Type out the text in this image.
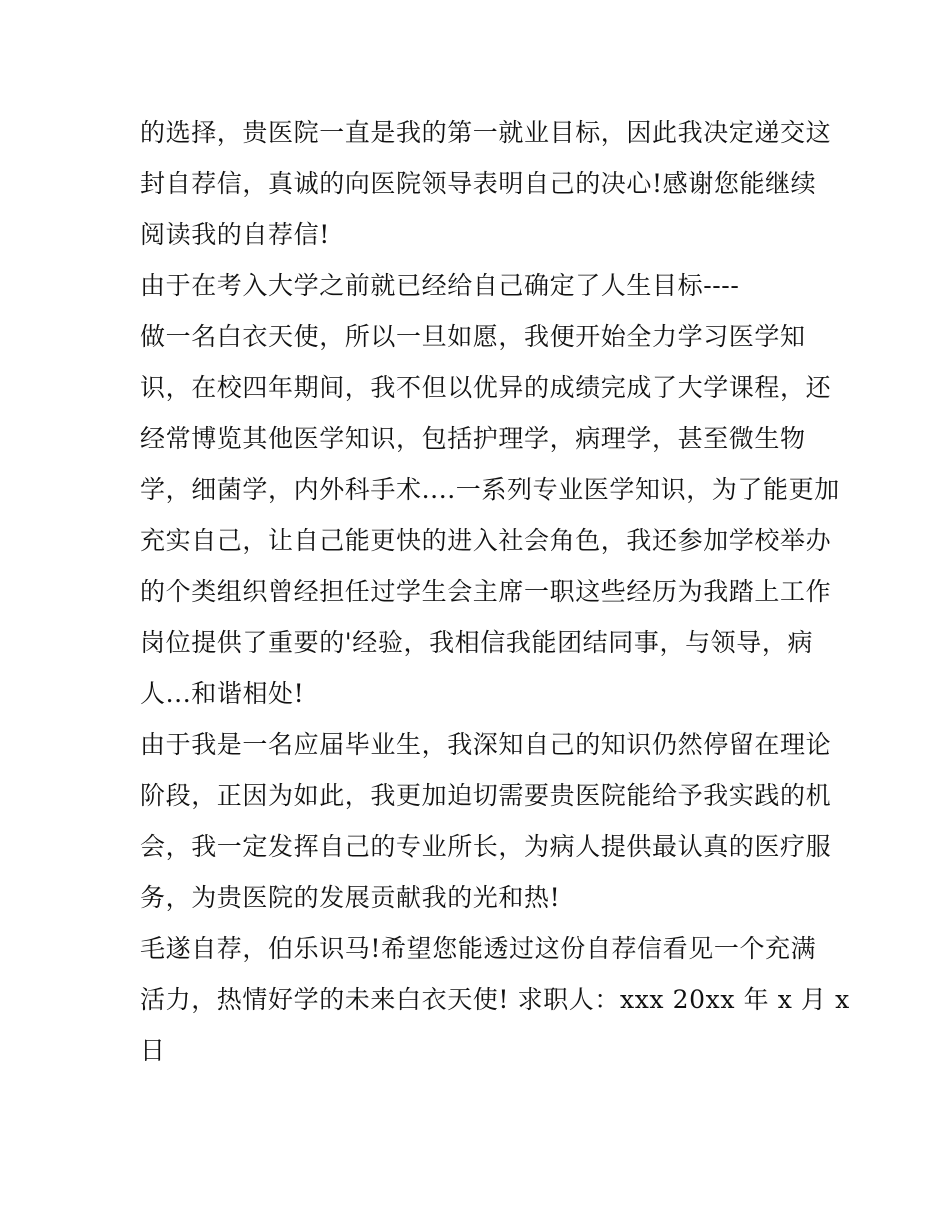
的选择，贵医院一直是我的第一就业目标，因此我决定递交这
封自荐信，真诚的向医院领导表明自己的决心!感谢您能继续
阅读我的自荐信!
由于在考入大学之前就已经给自己确定了人生目标----
做一名白衣天使，所以一旦如愿，我便开始全力学习医学知
识，在校四年期间，我不但以优异的成绩完成了大学课程，还
经常博览其他医学知识，包括护理学，病理学，甚至微生物
学，细菌学，内外科手术....一系列专业医学知识，为了能更加
充实自己，让自己能更快的进入社会角色，我还参加学校举办
的个类组织曾经担任过学生会主席一职这些经历为我踏上工作
岗位提供了重要的'经验，我相信我能团结同事，与领导，病
人...和谐相处!
由于我是一名应届毕业生，我深知自己的知识仍然停留在理论
阶段，正因为如此，我更加迫切需要贵医院能给予我实践的机
会，我一定发挥自己的专业所长，为病人提供最认真的医疗服
务，为贵医院的发展贡献我的光和热!
毛遂自荐，伯乐识马!希望您能透过这份自荐信看见一个充满
活力，热情好学的未来白衣天使! 求职人：xxx 20xx 年 x 月 x
日
